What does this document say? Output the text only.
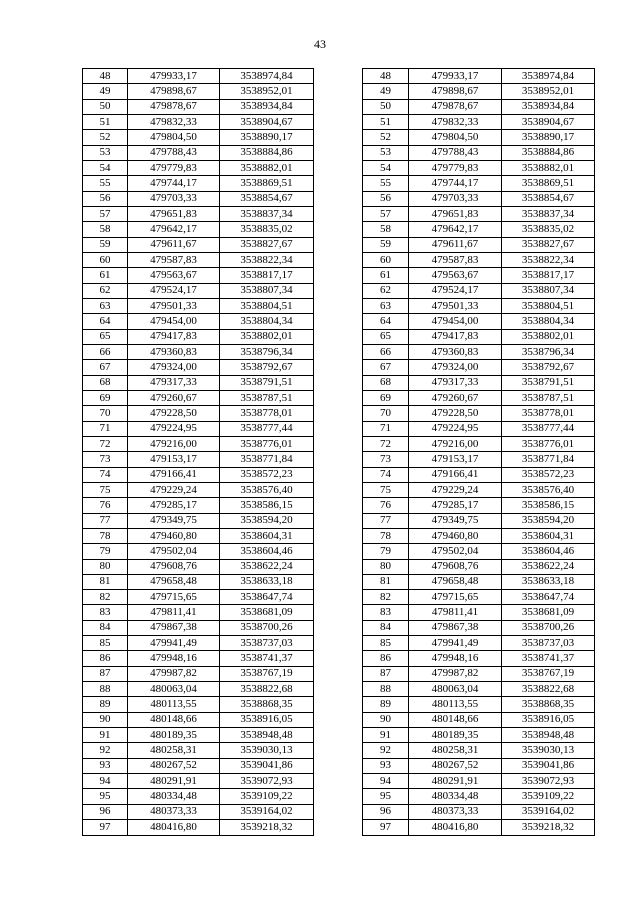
43
48	479933,17	3538974,84
49	479898,67	3538952,01
50	479878,67	3538934,84
51	479832,33	3538904,67
52	479804,50	3538890,17
53	479788,43	3538884,86
54	479779,83	3538882,01
55	479744,17	3538869,51
56	479703,33	3538854,67
57	479651,83	3538837,34
58	479642,17	3538835,02
59	479611,67	3538827,67
60	479587,83	3538822,34
61	479563,67	3538817,17
62	479524,17	3538807,34
63	479501,33	3538804,51
64	479454,00	3538804,34
65	479417,83	3538802,01
66	479360,83	3538796,34
67	479324,00	3538792,67
68	479317,33	3538791,51
69	479260,67	3538787,51
70	479228,50	3538778,01
71	479224,95	3538777,44
72	479216,00	3538776,01
73	479153,17	3538771,84
74	479166,41	3538572,23
75	479229,24	3538576,40
76	479285,17	3538586,15
77	479349,75	3538594,20
78	479460,80	3538604,31
79	479502,04	3538604,46
80	479608,76	3538622,24
81	479658,48	3538633,18
82	479715,65	3538647,74
83	479811,41	3538681,09
84	479867,38	3538700,26
85	479941,49	3538737,03
86	479948,16	3538741,37
87	479987,82	3538767,19
88	480063,04	3538822,68
89	480113,55	3538868,35
90	480148,66	3538916,05
91	480189,35	3538948,48
92	480258,31	3539030,13
93	480267,52	3539041,86
94	480291,91	3539072,93
95	480334,48	3539109,22
96	480373,33	3539164,02
97	480416,80	3539218,32
48	479933,17	3538974,84
49	479898,67	3538952,01
50	479878,67	3538934,84
51	479832,33	3538904,67
52	479804,50	3538890,17
53	479788,43	3538884,86
54	479779,83	3538882,01
55	479744,17	3538869,51
56	479703,33	3538854,67
57	479651,83	3538837,34
58	479642,17	3538835,02
59	479611,67	3538827,67
60	479587,83	3538822,34
61	479563,67	3538817,17
62	479524,17	3538807,34
63	479501,33	3538804,51
64	479454,00	3538804,34
65	479417,83	3538802,01
66	479360,83	3538796,34
67	479324,00	3538792,67
68	479317,33	3538791,51
69	479260,67	3538787,51
70	479228,50	3538778,01
71	479224,95	3538777,44
72	479216,00	3538776,01
73	479153,17	3538771,84
74	479166,41	3538572,23
75	479229,24	3538576,40
76	479285,17	3538586,15
77	479349,75	3538594,20
78	479460,80	3538604,31
79	479502,04	3538604,46
80	479608,76	3538622,24
81	479658,48	3538633,18
82	479715,65	3538647,74
83	479811,41	3538681,09
84	479867,38	3538700,26
85	479941,49	3538737,03
86	479948,16	3538741,37
87	479987,82	3538767,19
88	480063,04	3538822,68
89	480113,55	3538868,35
90	480148,66	3538916,05
91	480189,35	3538948,48
92	480258,31	3539030,13
93	480267,52	3539041,86
94	480291,91	3539072,93
95	480334,48	3539109,22
96	480373,33	3539164,02
97	480416,80	3539218,32
